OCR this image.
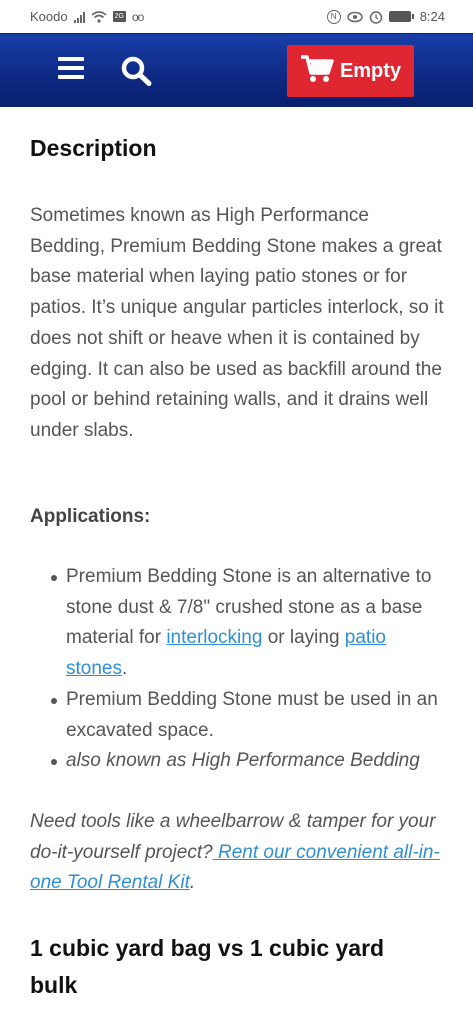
Koodo	2G oo	N	8:24
Empty
Description

Sometimes known as High Performance Bedding, Premium Bedding Stone makes a great base material when laying patio stones or for patios. It’s unique angular particles interlock, so it does not shift or heave when it is contained by edging. It can also be used as backfill around the pool or behind retaining walls, and it drains well under slabs.

Applications:
Premium Bedding Stone is an alternative to stone dust & 7/8" crushed stone as a base material for interlocking or laying patio stones.
Premium Bedding Stone must be used in an excavated space.
also known as High Performance Bedding

Need tools like a wheelbarrow & tamper for your do-it-yourself project? Rent our convenient all-in-one Tool Rental Kit.

1 cubic yard bag vs 1 cubic yard bulk
